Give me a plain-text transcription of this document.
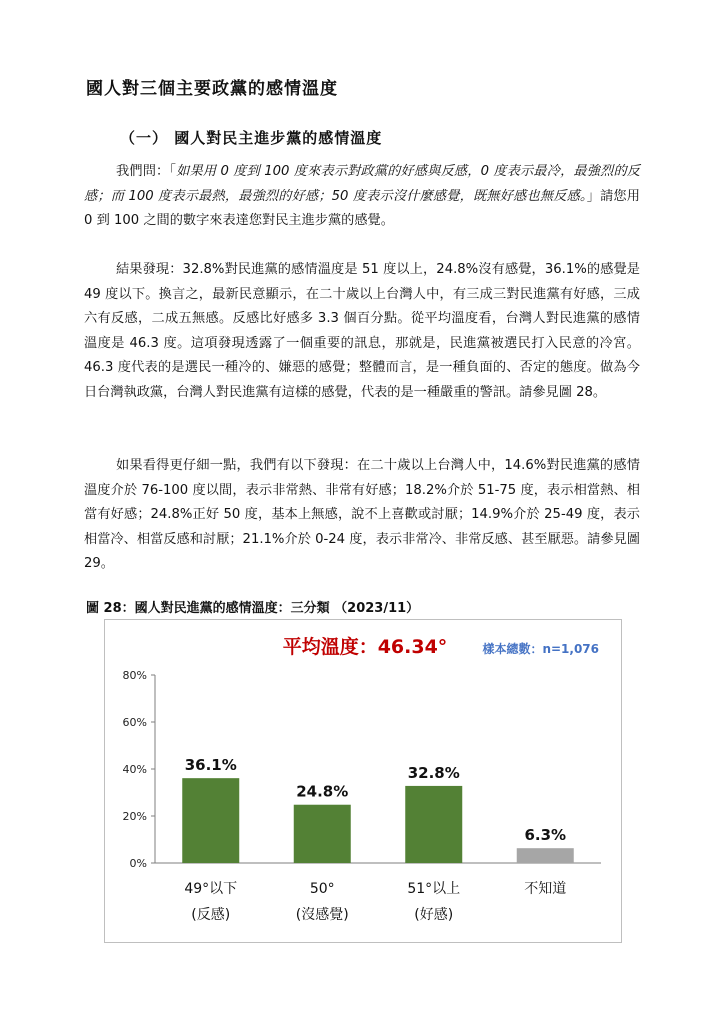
國人對三個主要政黨的感情溫度
（一） 國人對民主進步黨的感情溫度
我們問：「如果用 0 度到 100 度來表示對政黨的好感與反感，0 度表示最冷，最強烈的反感；而 100 度表示最熱，最強烈的好感；50 度表示沒什麼感覺，既無好感也無反感。」請您用 0 到 100 之間的數字來表達您對民主進步黨的感覺。
結果發現：32.8%對民進黨的感情溫度是 51 度以上，24.8%沒有感覺，36.1%的感覺是 49 度以下。換言之，最新民意顯示，在二十歲以上台灣人中，有三成三對民進黨有好感，三成六有反感，二成五無感。反感比好感多 3.3 個百分點。從平均溫度看，台灣人對民進黨的感情溫度是 46.3 度。這項發現透露了一個重要的訊息，那就是，民進黨被選民打入民意的冷宮。46.3 度代表的是選民一種冷的、嫌惡的感覺；整體而言，是一種負面的、否定的態度。做為今日台灣執政黨，台灣人對民進黨有這樣的感覺，代表的是一種嚴重的警訊。請參見圖 28。
如果看得更仔細一點，我們有以下發現：在二十歲以上台灣人中，14.6%對民進黨的感情溫度介於 76-100 度以間，表示非常熱、非常有好感；18.2%介於 51-75 度，表示相當熱、相當有好感；24.8%正好 50 度，基本上無感，說不上喜歡或討厭；14.9%介於 25-49 度，表示相當冷、相當反感和討厭；21.1%介於 0-24 度，表示非常冷、非常反感、甚至厭惡。請參見圖 29。
圖 28：國人對民進黨的感情溫度：三分類 （2023/11）
平均溫度：46.34°	樣本總數：n=1,076
0%
20%
40%
60%
80%
36.1%
49°以下
(反感)
24.8%
50°
(沒感覺)
32.8%
51°以上
(好感)
6.3%
不知道
